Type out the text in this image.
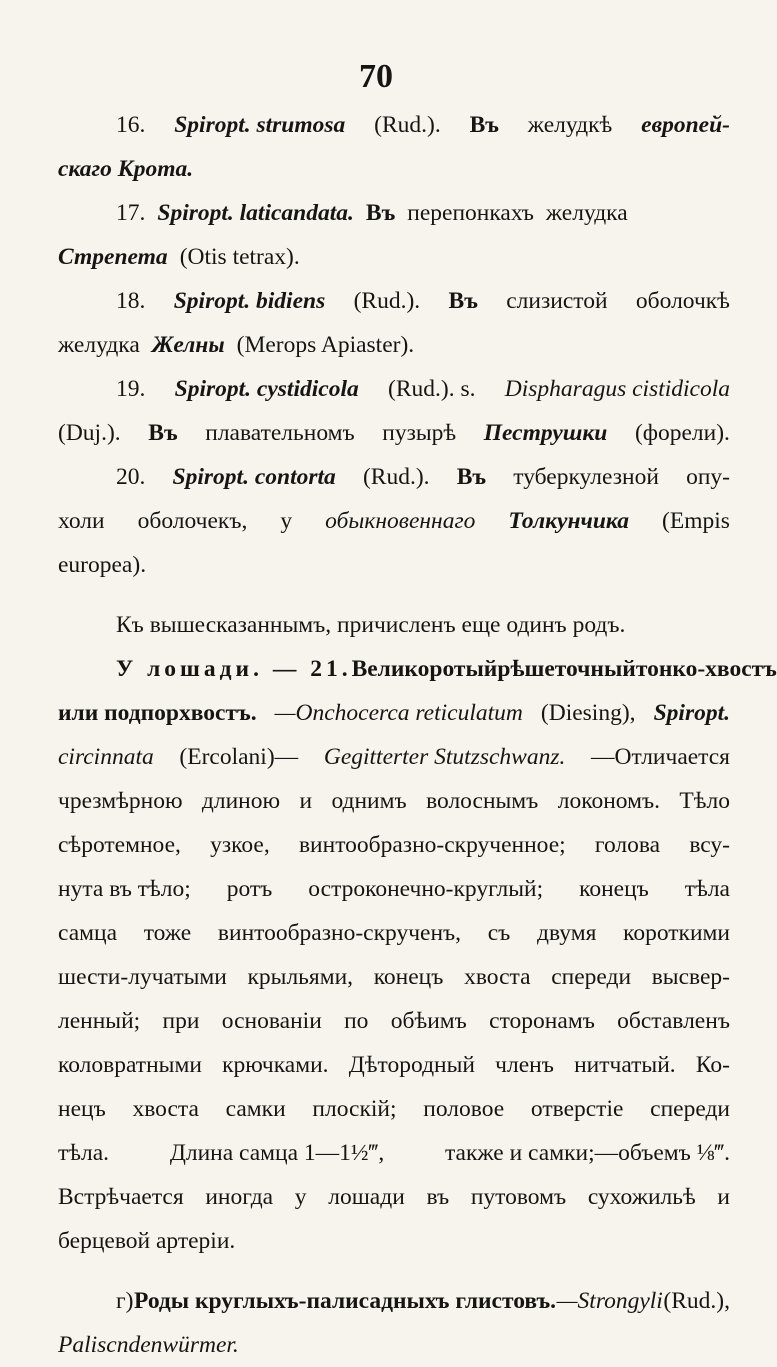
70
16. Spiropt. strumosa (Rud.). Въ желудкѣ европей-
скаго Крота.
17. Spiropt. laticandata. Въ перепонкахъ желудка
Стрепета (Otis tetrax).
18. Spiropt. bidiens (Rud.). Въ слизистой оболочкѣ
желудка Желны (Merops Apiaster).
19. Spiropt. cystidicola (Rud.). s. Dispharagus cistidicola
(Duj.). Въ плавательномъ пузырѣ Пеструшки (форели).
20. Spiropt. contorta (Rud.). Въ туберкулезной опу-
холи оболочекъ, у обыкновеннаго Толкунчика (Empis
europea).
Къ вышесказаннымъ, причисленъ еще одинъ родъ.
У лошади. — 21. Великоротый рѣшеточный тонко-хвостъ
или подпорхвостъ. —Onchocerca reticulatum (Diesing), Spiropt.
circinnata (Ercolani)— Gegitterter Stutzschwanz. —Отличается
чрезмѣрною длиною и однимъ волоснымъ локономъ. Тѣло
сѣротемное, узкое, винтообразно-скрученное; голова всу-
нута въ тѣло; ротъ остроконечно-круглый; конецъ тѣла
самца тоже винтообразно-скрученъ, съ двумя короткими
шести-лучатыми крыльями, конецъ хвоста спереди высвер-
ленный; при основаніи по обѣимъ сторонамъ обставленъ
коловратными крючками. Дѣтородный членъ нитчатый. Ко-
нецъ хвоста самки плоскій; половое отверстіе спереди
тѣла.	Длина самца 1—1½‴,	также и самки;—объемъ ⅛‴.
Встрѣчается иногда у лошади въ путовомъ сухожильѣ и
берцевой артеріи.
г) Роды круглыхъ-палисадныхъ глистовъ. —Strongyli (Rud.),
Paliscndenwürmer.
